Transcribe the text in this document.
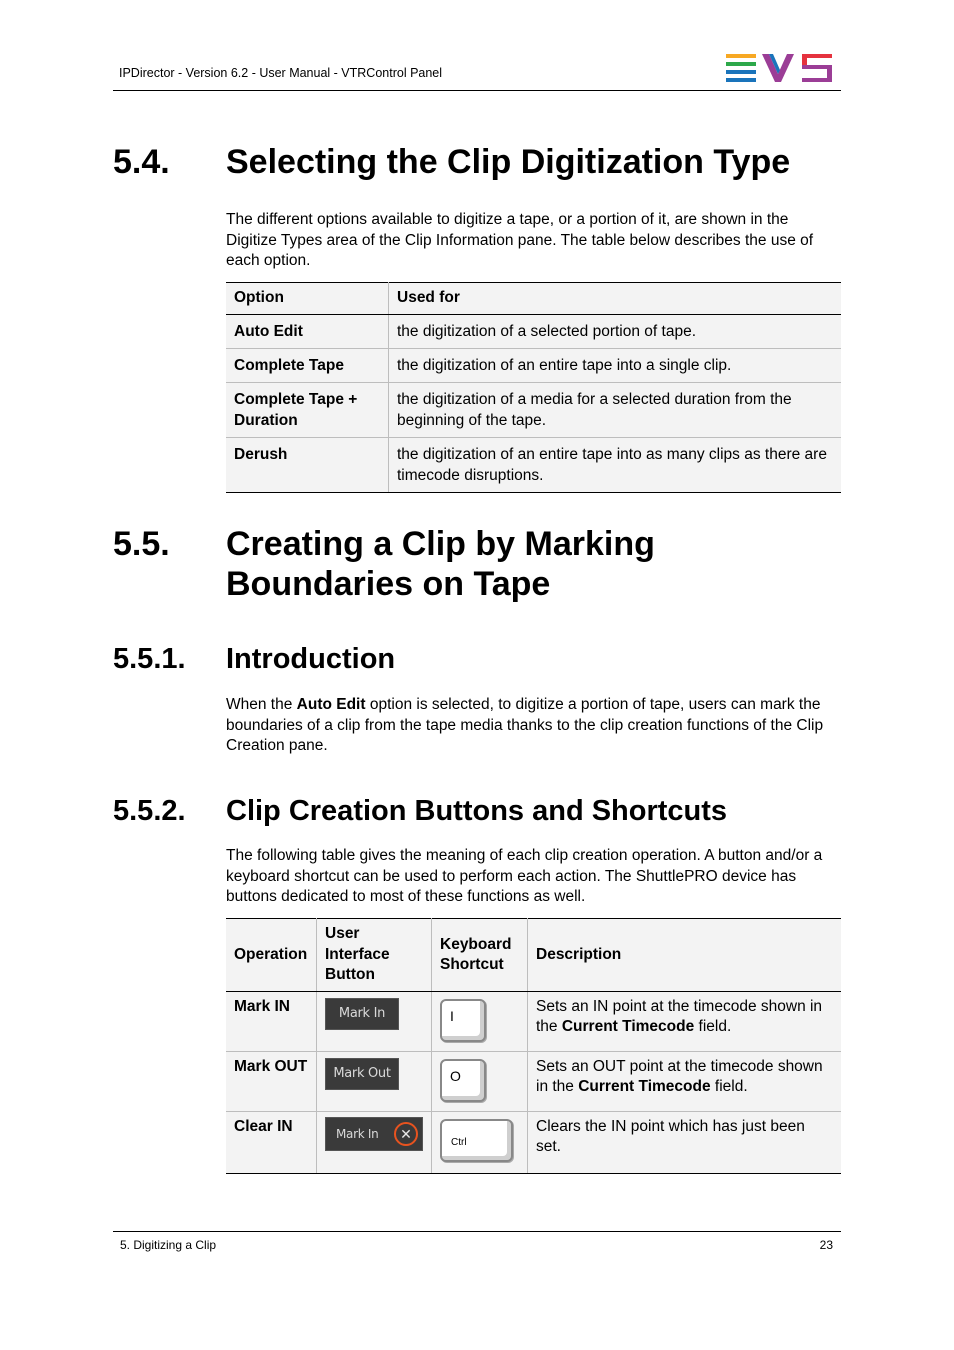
IPDirector - Version 6.2 - User Manual - VTRControl Panel
5.4. Selecting the Clip Digitization Type

The different options available to digitize a tape, or a portion of it, are shown in the Digitize Types area of the Clip Information pane. The table below describes the use of each option.

Option	Used for
Auto Edit	the digitization of a selected portion of tape.
Complete Tape	the digitization of an entire tape into a single clip.
Complete Tape + Duration	the digitization of a media for a selected duration from the beginning of the tape.
Derush	the digitization of an entire tape into as many clips as there are timecode disruptions.
5.5. Creating a Clip by Marking Boundaries on Tape
5.5.1. Introduction

When the Auto Edit option is selected, to digitize a portion of tape, users can mark the boundaries of a clip from the tape media thanks to the clip creation functions of the Clip Creation pane.

5.5.2. Clip Creation Buttons and Shortcuts

The following table gives the meaning of each clip creation operation. A button and/or a keyboard shortcut can be used to perform each action. The ShuttlePRO device has buttons dedicated to most of these functions as well.

Operation	User Interface Button	Keyboard Shortcut	Description
Mark IN	Mark In	I	Sets an IN point at the timecode shown in the Current Timecode field.
Mark OUT	Mark Out	O	Sets an OUT point at the timecode shown in the Current Timecode field.
Clear IN	Mark In ✕	Ctrl	Clears the IN point which has just been set.
5. Digitizing a Clip	23
